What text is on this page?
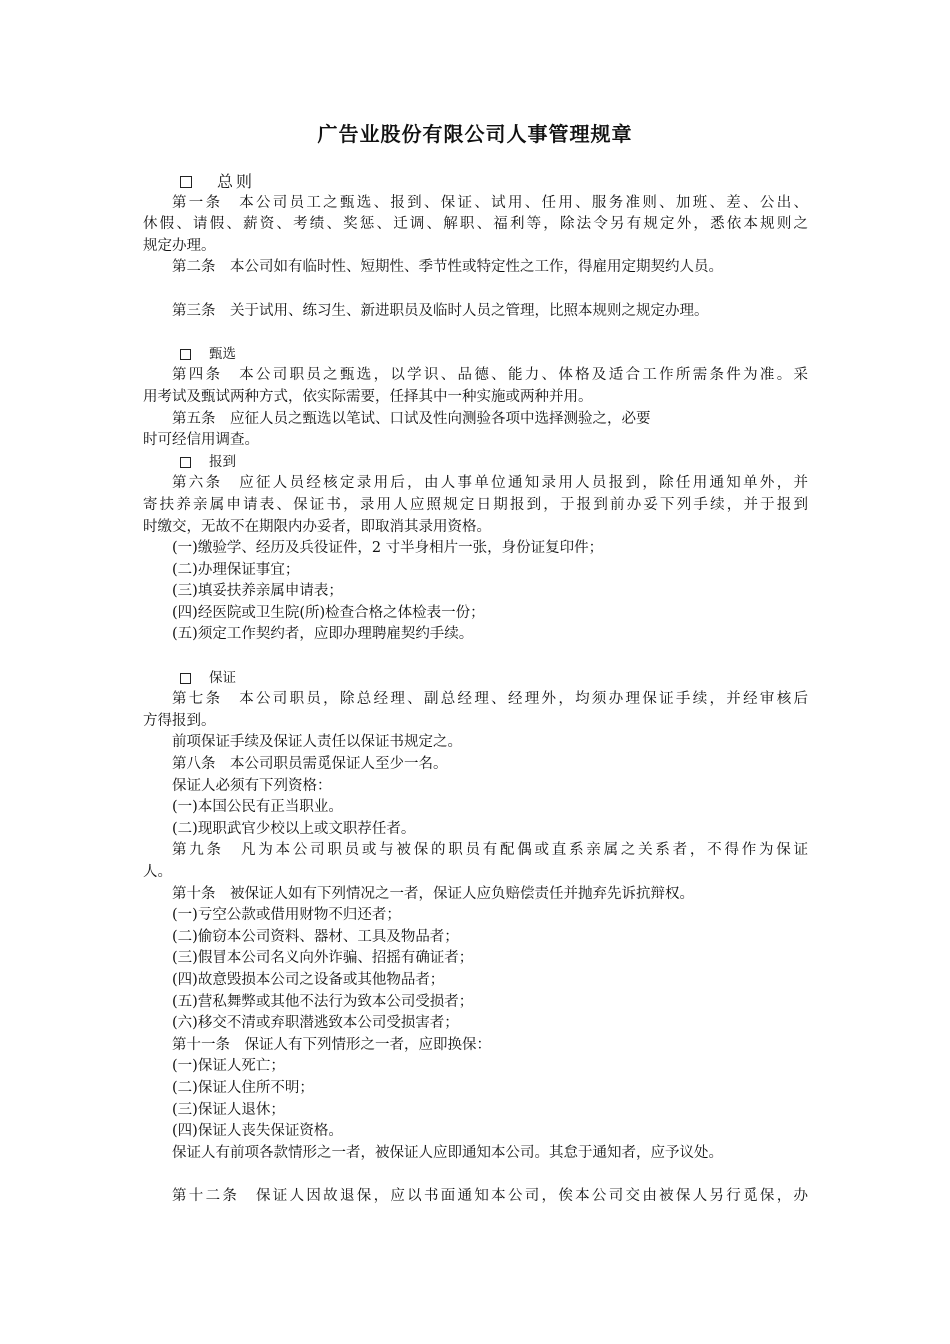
广告业股份有限公司人事管理规章
总则

第一条　本公司员工之甄选、报到、保证、试用、任用、服务准则、加班、差、公出、

休假、请假、薪资、考绩、奖惩、迁调、解职、福利等，除法令另有规定外，悉依本规则之

规定办理。

第二条　本公司如有临时性、短期性、季节性或特定性之工作，得雇用定期契约人员。

第三条　关于试用、练习生、新进职员及临时人员之管理，比照本规则之规定办理。

甄选

第四条　本公司职员之甄选，以学识、品德、能力、体格及适合工作所需条件为准。采

用考试及甄试两种方式，依实际需要，任择其中一种实施或两种并用。

第五条　应征人员之甄选以笔试、口试及性向测验各项中选择测验之，必要

时可经信用调查。

报到

第六条　应征人员经核定录用后，由人事单位通知录用人员报到，除任用通知单外，并

寄扶养亲属申请表、保证书，录用人应照规定日期报到，于报到前办妥下列手续，并于报到

时缴交，无故不在期限内办妥者，即取消其录用资格。

(一)缴验学、经历及兵役证件，2 寸半身相片一张，身份证复印件；

(二)办理保证事宜；

(三)填妥扶养亲属申请表；

(四)经医院或卫生院(所)检查合格之体检表一份；

(五)须定工作契约者，应即办理聘雇契约手续。

保证

第七条　本公司职员，除总经理、副总经理、经理外，均须办理保证手续，并经审核后

方得报到。

前项保证手续及保证人责任以保证书规定之。

第八条　本公司职员需觅保证人至少一名。

保证人必须有下列资格：

(一)本国公民有正当职业。

(二)现职武官少校以上或文职荐任者。

第九条　凡为本公司职员或与被保的职员有配偶或直系亲属之关系者，不得作为保证

人。

第十条　被保证人如有下列情况之一者，保证人应负赔偿责任并抛弃先诉抗辩权。

(一)亏空公款或借用财物不归还者；

(二)偷窃本公司资料、器材、工具及物品者；

(三)假冒本公司名义向外诈骗、招摇有确证者；

(四)故意毁损本公司之设备或其他物品者；

(五)营私舞弊或其他不法行为致本公司受损者；

(六)移交不清或弃职潜逃致本公司受损害者；

第十一条　保证人有下列情形之一者，应即换保：

(一)保证人死亡；

(二)保证人住所不明；

(三)保证人退休；

(四)保证人丧失保证资格。

保证人有前项各款情形之一者，被保证人应即通知本公司。其怠于通知者，应予议处。

第十二条　保证人因故退保，应以书面通知本公司，俟本公司交由被保人另行觅保，办
